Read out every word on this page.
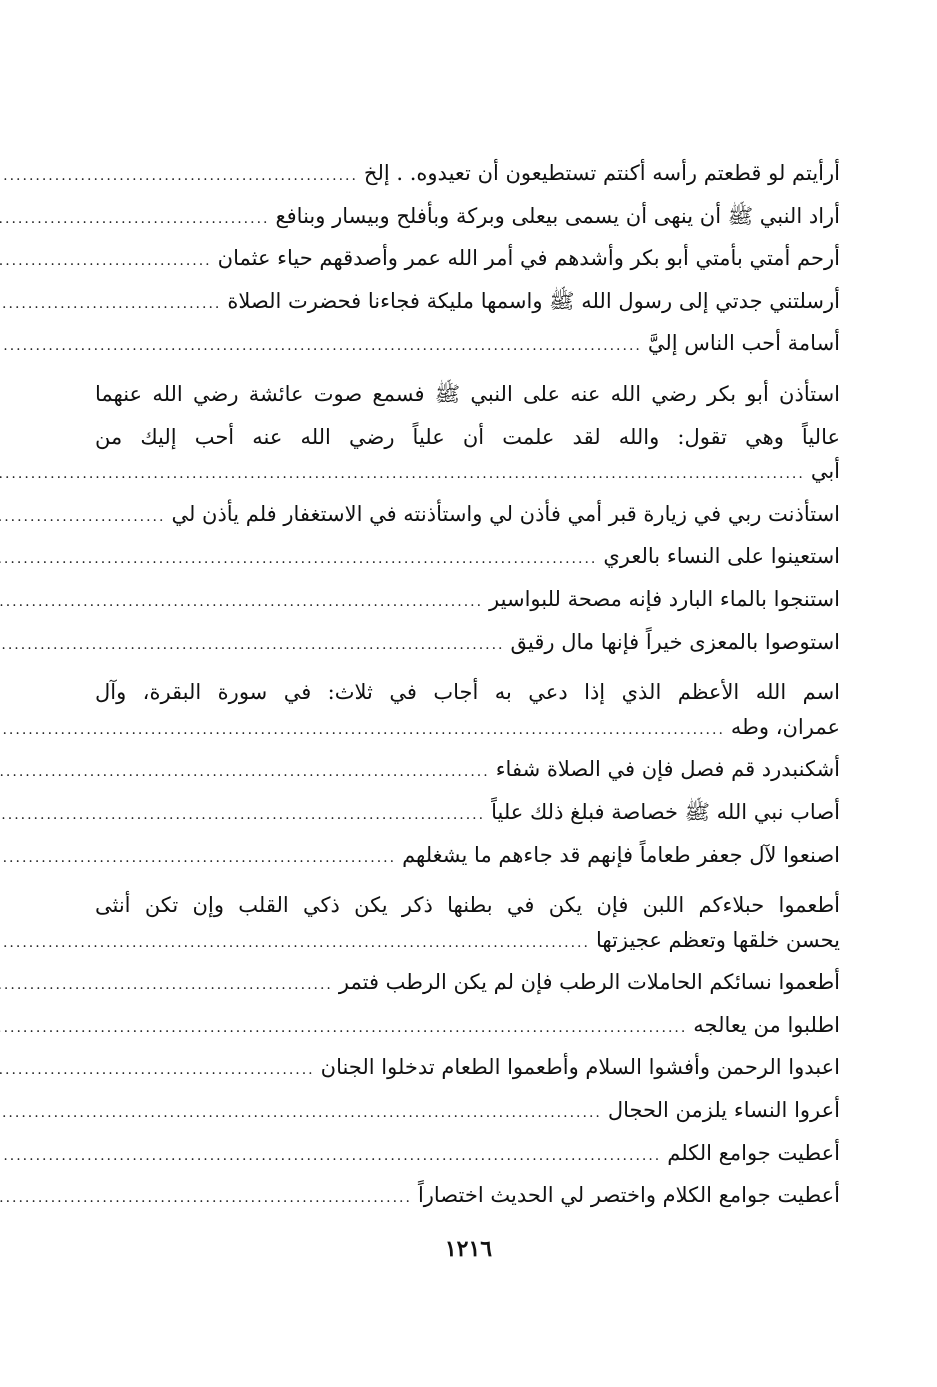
أرأيتم لو قطعتم رأسه أكنتم تستطيعون أن تعيدوه. . إلخ
.....
أراد النبي ﷺ أن ينهى أن يسمى بيعلى وبركة وبأفلح وبيسار وبنافع
.....
أرحم أمتي بأمتي أبو بكر وأشدهم في أمر الله عمر وأصدقهم حياء عثمان
.....
أرسلتني جدتي إلى رسول الله ﷺ واسمها مليكة فجاءنا فحضرت الصلاة
.....
أسامة أحب الناس إليَّ
.....
استأذن أبو بكر رضي الله عنه على النبي ﷺ فسمع صوت عائشة رضي الله عنهما
عالياً وهي تقول: والله لقد علمت أن علياً رضي الله عنه أحب إليك من
أبي
.....
استأذنت ربي في زيارة قبر أمي فأذن لي واستأذنته في الاستغفار فلم يأذن لي
.....
استعينوا على النساء بالعري
.....
استنجوا بالماء البارد فإنه مصحة للبواسير
.....
استوصوا بالمعزى خيراً فإنها مال رقيق
.....
اسم الله الأعظم الذي إذا دعي به أجاب في ثلاث: في سورة البقرة، وآل
عمران، وطه
.....
أشكنبدرد قم فصل فإن في الصلاة شفاء
.....
أصاب نبي الله ﷺ خصاصة فبلغ ذلك علياً
.....
اصنعوا لآل جعفر طعاماً فإنهم قد جاءهم ما يشغلهم
.....
أطعموا حبلاءكم اللبن فإن يكن في بطنها ذكر يكن ذكي القلب وإن تكن أنثى
يحسن خلقها وتعظم عجيزتها
.....
أطعموا نسائكم الحاملات الرطب فإن لم يكن الرطب فتمر
.....
اطلبوا من يعالجه
.....
اعبدوا الرحمن وأفشوا السلام وأطعموا الطعام تدخلوا الجنان
.....
أعروا النساء يلزمن الحجال
.....
أعطيت جوامع الكلم
.....
أعطيت جوامع الكلام واختصر لي الحديث اختصاراً
.....
١٢١٦
